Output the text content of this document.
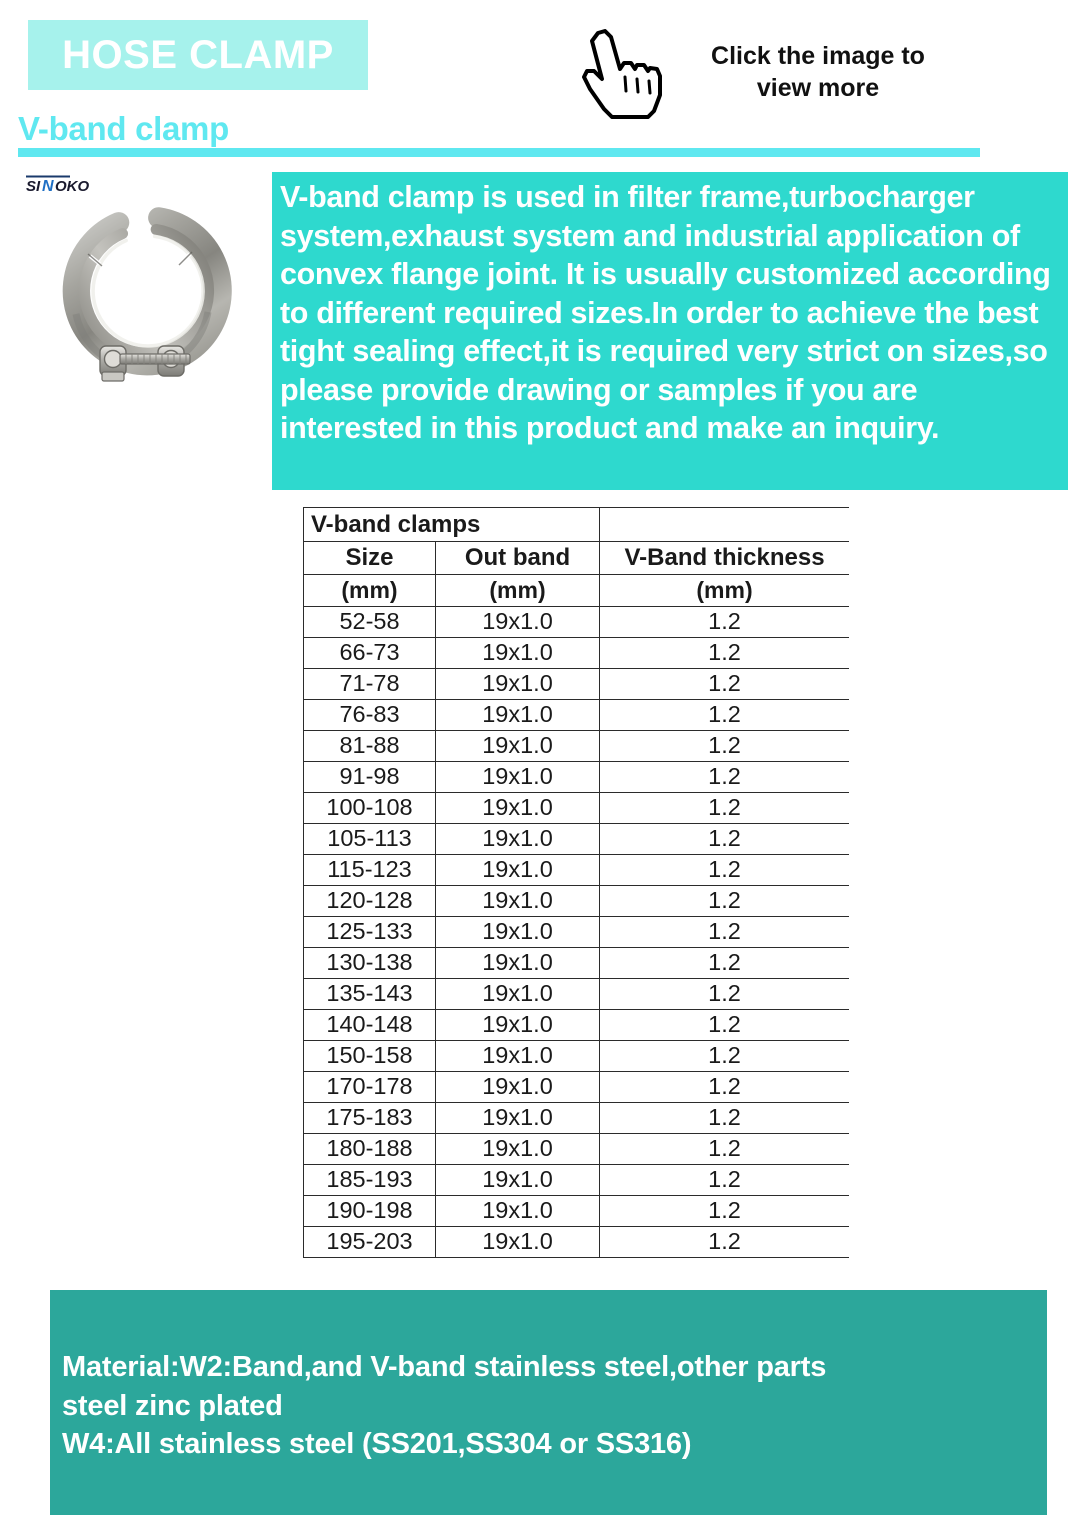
HOSE CLAMP
V-band clamp
Click the image to
view more
SI N OKO	V-band clamp is used in filter frame,turbocharger system,exhaust system and industrial application of convex flange joint. It is usually customized according to different required sizes.In order to achieve the best tight sealing effect,it is required very strict on sizes,so please provide drawing or samples if you are interested in this product and make an inquiry.
V-band clamps		
Size	Out band	V-Band thickness
(mm)	(mm)	(mm)
52-58	19x1.0	1.2
66-73	19x1.0	1.2
71-78	19x1.0	1.2
76-83	19x1.0	1.2
81-88	19x1.0	1.2
91-98	19x1.0	1.2
100-108	19x1.0	1.2
105-113	19x1.0	1.2
115-123	19x1.0	1.2
120-128	19x1.0	1.2
125-133	19x1.0	1.2
130-138	19x1.0	1.2
135-143	19x1.0	1.2
140-148	19x1.0	1.2
150-158	19x1.0	1.2
170-178	19x1.0	1.2
175-183	19x1.0	1.2
180-188	19x1.0	1.2
185-193	19x1.0	1.2
190-198	19x1.0	1.2
195-203	19x1.0	1.2
Material:W2:Band,and V-band stainless steel,other parts
steel zinc plated
W4:All stainless steel (SS201,SS304 or SS316)
